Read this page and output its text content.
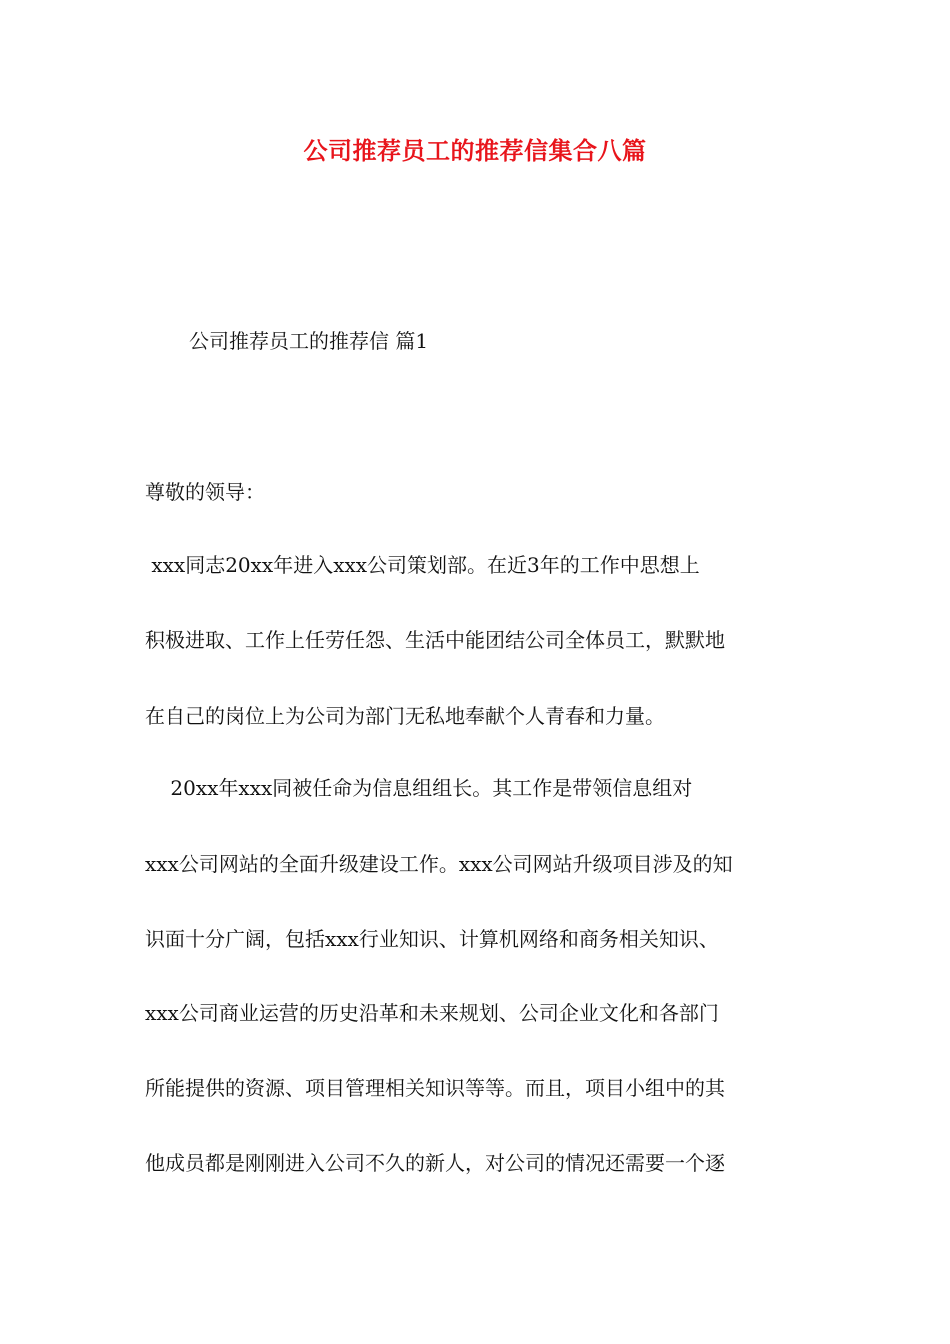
公司推荐员工的推荐信集合八篇
公司推荐员工的推荐信 篇1
尊敬的领导：
xxx同志20xx年进入xxx公司策划部。在近3年的工作中思想上
积极进取、工作上任劳任怨、生活中能团结公司全体员工，默默地
在自己的岗位上为公司为部门无私地奉献个人青春和力量。
20xx年xxx同被任命为信息组组长。其工作是带领信息组对
xxx公司网站的全面升级建设工作。xxx公司网站升级项目涉及的知
识面十分广阔，包括xxx行业知识、计算机网络和商务相关知识、
xxx公司商业运营的历史沿革和未来规划、公司企业文化和各部门
所能提供的资源、项目管理相关知识等等。而且，项目小组中的其
他成员都是刚刚进入公司不久的新人，对公司的情况还需要一个逐
